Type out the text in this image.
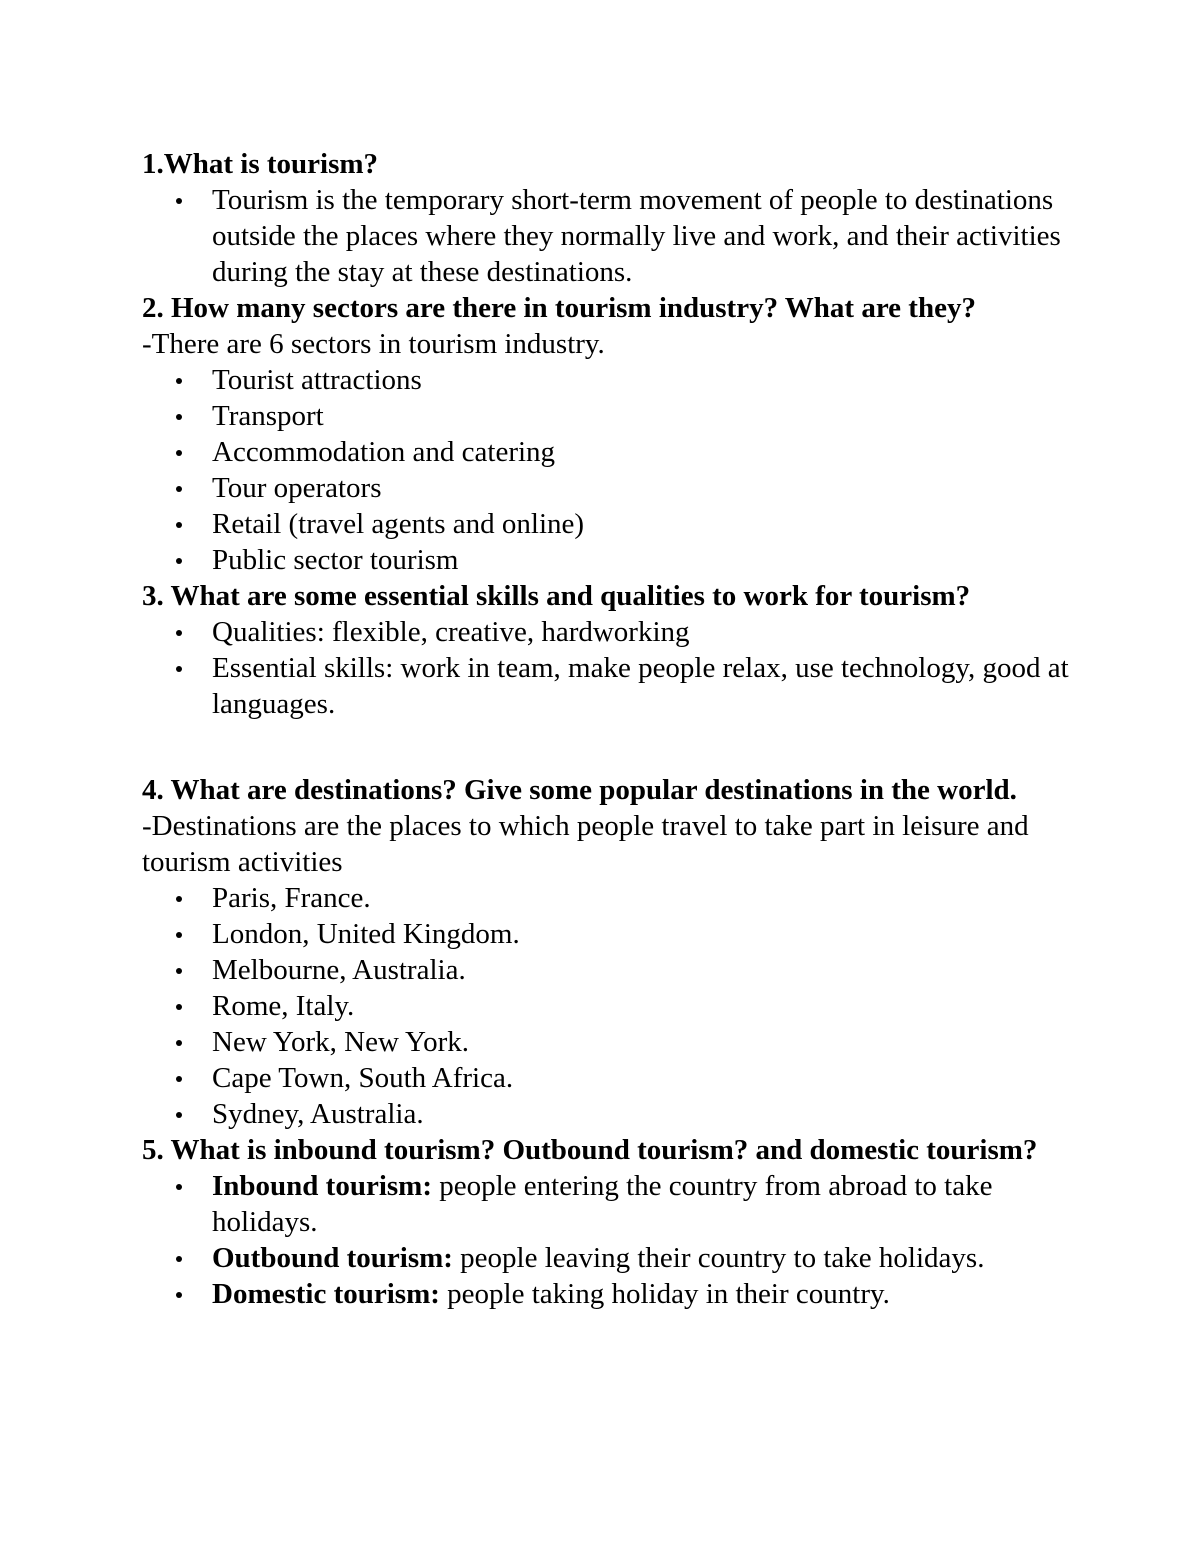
1.What is tourism?

Tourism is the temporary short-term movement of people to destinations outside the places where they normally live and work, and their activities during the stay at these destinations.

2. How many sectors are there in tourism industry? What are they?

-There are 6 sectors in tourism industry.

Tourist attractions
Transport
Accommodation and catering
Tour operators
Retail (travel agents and online)
Public sector tourism

3. What are some essential skills and qualities to work for tourism?

Qualities: flexible, creative, hardworking
Essential skills: work in team, make people relax, use technology, good at languages.

4. What are destinations? Give some popular destinations in the world.

-Destinations are the places to which people travel to take part in leisure and tourism activities

Paris, France.
London, United Kingdom.
Melbourne, Australia.
Rome, Italy.
New York, New York.
Cape Town, South Africa.
Sydney, Australia.

5. What is inbound tourism? Outbound tourism? and domestic tourism?

Inbound tourism: people entering the country from abroad to take holidays.
Outbound tourism: people leaving their country to take holidays.
Domestic tourism: people taking holiday in their country.
